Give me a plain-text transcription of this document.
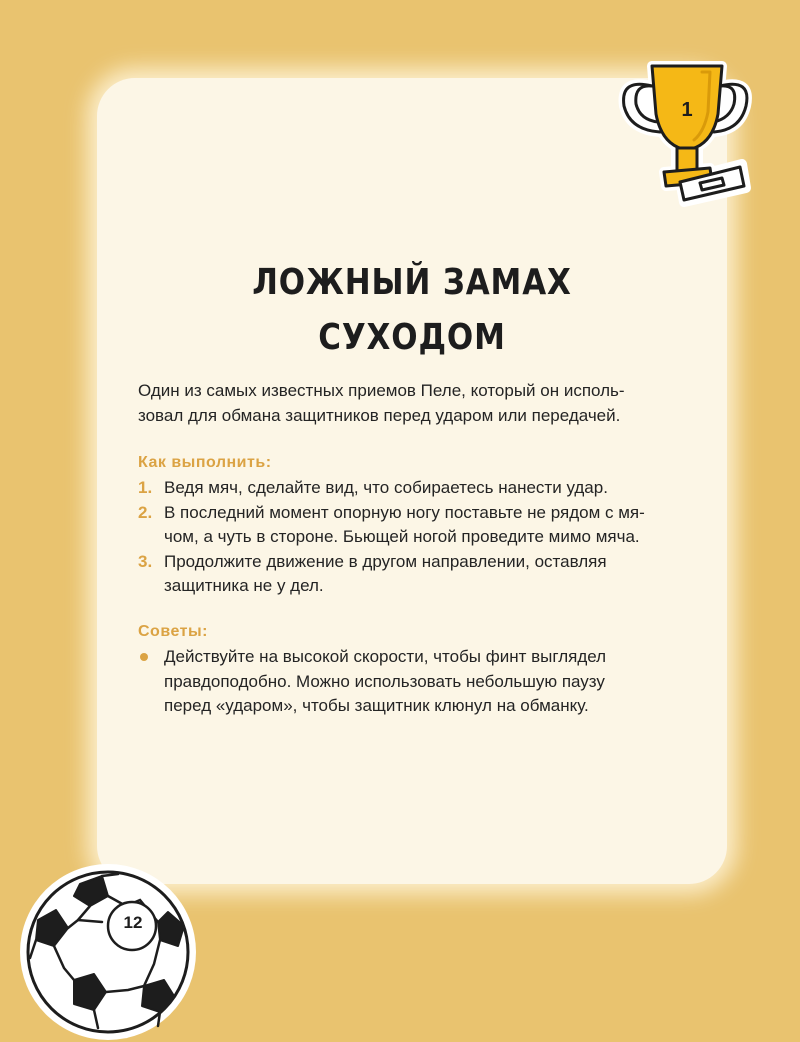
1
ЛОЖНЫЙ ЗАМАХ
СУХОДОМ

Один из самых известных приемов Пеле, который он исполь-
зовал для обмана защитников перед ударом или передачей.

Как выполнить:
1. Ведя мяч, сделайте вид, что собираетесь нанести удар.
2. В последний момент опорную ногу поставьте не рядом с мя-
чом, а чуть в стороне. Бьющей ногой проведите мимо мяча.
3. Продолжите движение в другом направлении, оставляя
защитника не у дел.
Советы:
Действуйте на высокой скорости, чтобы финт выглядел
правдоподобно. Можно использовать небольшую паузу
перед «ударом», чтобы защитник клюнул на обманку.
12
